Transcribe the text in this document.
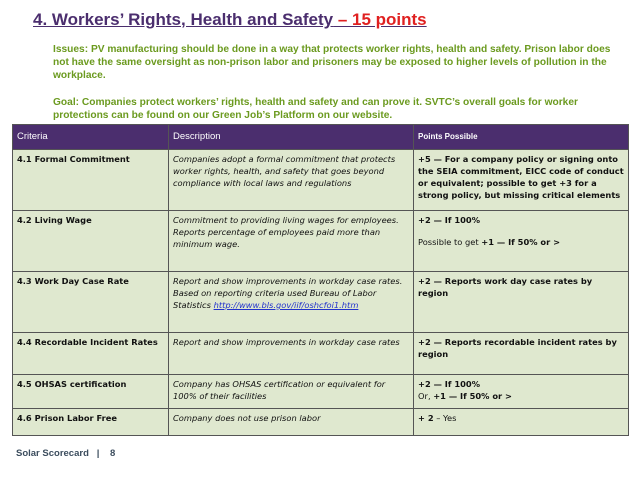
4. Workers’ Rights, Health and Safety – 15 points

Issues: PV manufacturing should be done in a way that protects worker rights, health and safety. Prison labor does not have the same oversight as non-prison labor and prisoners may be exposed to higher levels of pollution in the workplace.

Goal: Companies protect workers’ rights, health and safety and can prove it. SVTC’s overall goals for worker protections can be found on our Green Job’s Platform on our website.

Criteria	Description	Points Possible
4.1 Formal Commitment	Companies adopt a formal commitment that protects worker rights, health, and safety that goes beyond compliance with local laws and regulations	+5 — For a company policy or signing onto the SEIA commitment, EICC code of conduct or equivalent; possible to get +3 for a strong policy, but missing critical elements
4.2 Living Wage	Commitment to providing living wages for employees. Reports percentage of employees paid more than minimum wage.	+2 — If 100%
Possible to get +1 — If 50% or >

4.3 Work Day Case Rate	Report and show improvements in workday case rates. Based on reporting criteria used Bureau of Labor Statistics http://www.bls.gov/iif/oshcfoi1.htm	+2 — Reports work day case rates by region
4.4 Recordable Incident Rates	Report and show improvements in workday case rates	+2 — Reports recordable incident rates by region
4.5 OHSAS certification	Company has OHSAS certification or equivalent for 100% of their facilities	+2 — If 100%
Or, +1 — If 50% or >

4.6 Prison Labor Free	Company does not use prison labor	+ 2 – Yes
Solar Scorecard   |    8
